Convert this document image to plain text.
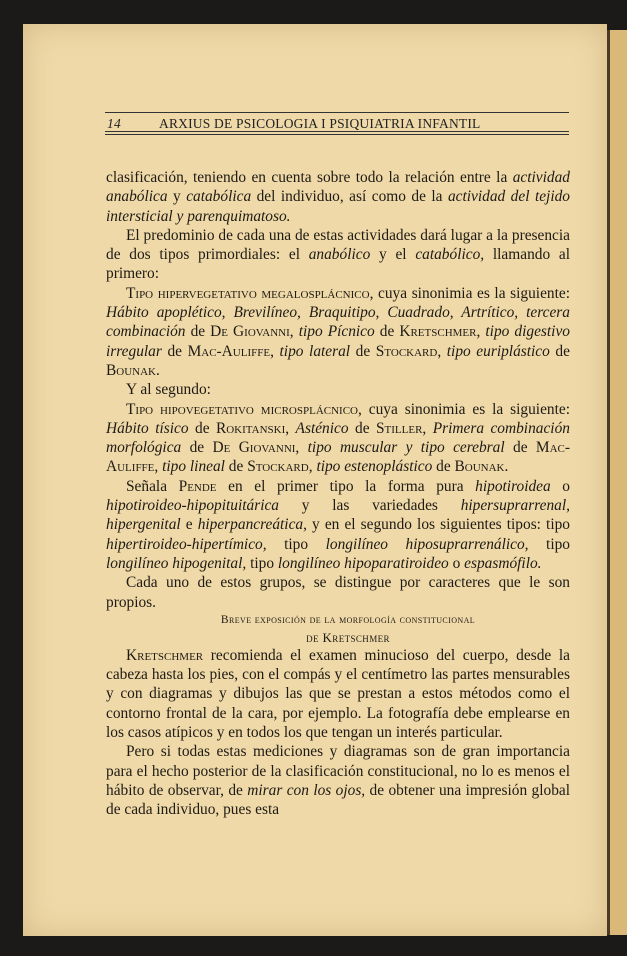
14	ARXIUS DE PSICOLOGIA I PSIQUIATRIA INFANTIL

clasificación, teniendo en cuenta sobre todo la relación entre la actividad anabólica y catabólica del individuo, así como de la actividad del tejido intersticial y parenquimatoso.

El predominio de cada una de estas actividades dará lugar a la presencia de dos tipos primordiales: el anabólico y el catabólico, llamando al primero:

Tipo hipervegetativo megalosplácnico, cuya sinonimia es la siguiente: Hábito apoplético, Brevilíneo, Braquitipo, Cuadrado, Artrítico, tercera combinación de De Giovanni, tipo Pícnico de Kretschmer, tipo digestivo irregular de Mac-Auliffe, tipo lateral de Stockard, tipo euriplástico de Bounak.

Y al segundo:

Tipo hipovegetativo microsplácnico, cuya sinonimia es la siguiente: Hábito tísico de Rokitanski, Asténico de Stiller, Primera combinación morfológica de De Giovanni, tipo muscular y tipo cerebral de Mac-Auliffe, tipo lineal de Stockard, tipo estenoplástico de Bounak.

Señala Pende en el primer tipo la forma pura hipotiroidea o hipotiroideo-hipopituitárica y las variedades hipersuprarrenal, hipergenital e hiperpancreática, y en el segundo los siguientes tipos: tipo hipertiroideo-hipertímico, tipo longilíneo hiposuprarrenálico, tipo longilíneo hipogenital, tipo longilíneo hipoparatiroideo o espasmófilo.

Cada uno de estos grupos, se distingue por caracteres que le son propios.

Breve exposición de la morfología constitucional
de Kretschmer

Kretschmer recomienda el examen minucioso del cuerpo, desde la cabeza hasta los pies, con el compás y el centímetro las partes mensurables y con diagramas y dibujos las que se prestan a estos métodos como el contorno frontal de la cara, por ejemplo. La fotografía debe emplearse en los casos atípicos y en todos los que tengan un interés particular.

Pero si todas estas mediciones y diagramas son de gran importancia para el hecho posterior de la clasificación constitucional, no lo es menos el hábito de observar, de mirar con los ojos, de obtener una impresión global de cada individuo, pues esta
